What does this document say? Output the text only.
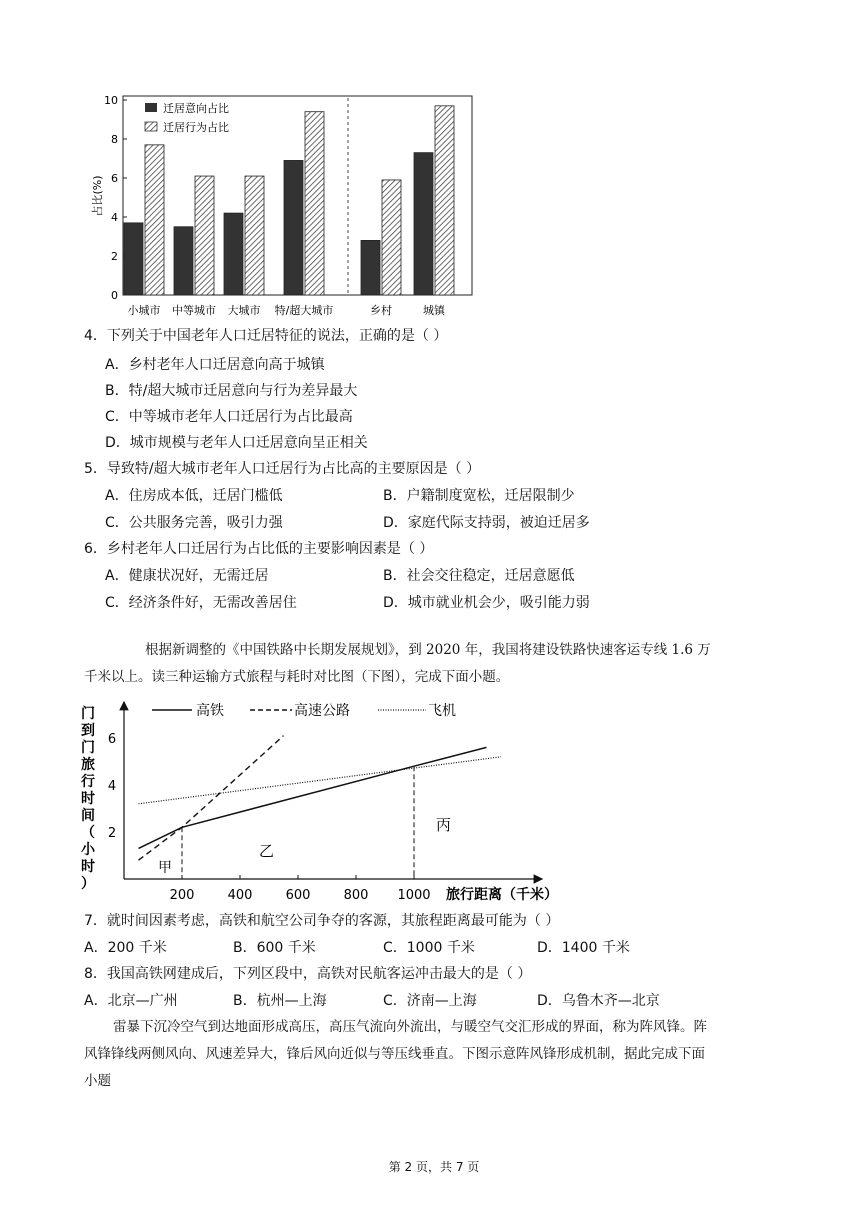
0
2
4
6
8
10
小城市 中等城市 大城市 特/超大城市	乡村	城镇
占比(%)
迁居意向占比
迁居行为占比
4．下列关于中国老年人口迁居特征的说法，正确的是（ ）
A．乡村老年人口迁居意向高于城镇
B．特/超大城市迁居意向与行为差异最大
C．中等城市老年人口迁居行为占比最高
D．城市规模与老年人口迁居意向呈正相关
5．导致特/超大城市老年人口迁居行为占比高的主要原因是（ ）
A．住房成本低，迁居门槛低	B．户籍制度宽松，迁居限制少
C．公共服务完善，吸引力强	D．家庭代际支持弱，被迫迁居多
6．乡村老年人口迁居行为占比低的主要影响因素是（ ）
A．健康状况好，无需迁居	B．社会交往稳定，迁居意愿低
C．经济条件好，无需改善居住	D．城市就业机会少，吸引能力弱
根据新调整的《中国铁路中长期发展规划》，到 2020 年，我国将建设铁路快速客运专线 1.6 万
千米以上。读三种运输方式旅程与耗时对比图（下图），完成下面小题。
门
到
门
旅
行
时
间
（
小
时
）
2
4
6
200	400	600	800 1000 旅行距离（千米）
高铁	高速公路	飞机
甲
乙
丙
7．就时间因素考虑，高铁和航空公司争夺的客源，其旅程距离最可能为（ ）
A．200 千米	B．600 千米	C．1000 千米	D．1400 千米
8．我国高铁网建成后，下列区段中，高铁对民航客运冲击最大的是（ ）
A．北京—广州	B．杭州—上海	C．济南—上海	D．乌鲁木齐—北京
雷暴下沉冷空气到达地面形成高压，高压气流向外流出，与暖空气交汇形成的界面，称为阵风锋。阵
风锋锋线两侧风向、风速差异大，锋后风向近似与等压线垂直。下图示意阵风锋形成机制，据此完成下面
小题
第 2 页，共 7 页
